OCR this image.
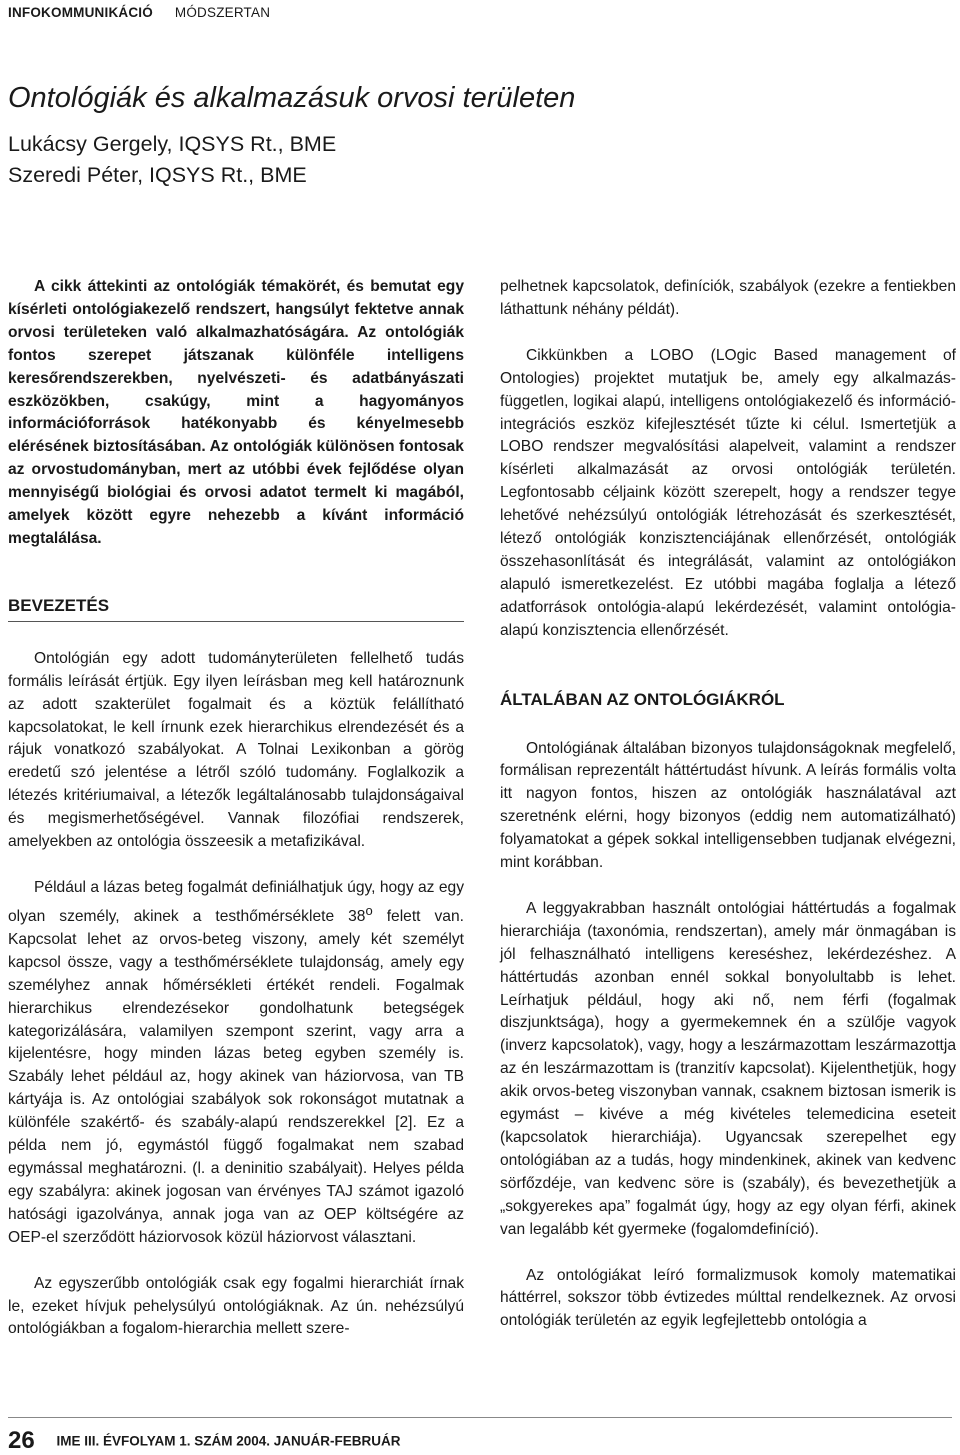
INFOKOMMUNIKÁCIÓ MÓDSZERTAN
Ontológiák és alkalmazásuk orvosi területen
Lukácsy Gergely, IQSYS Rt., BME
Szeredi Péter, IQSYS Rt., BME

A cikk áttekinti az ontológiák témakörét, és bemutat egy kísérleti ontológiakezelő rendszert, hangsúlyt fektetve annak orvosi területeken való alkalmazhatóságára. Az ontológiák fontos szerepet játszanak különféle intelligens keresőrendszerekben, nyelvészeti- és adatbányászati eszközökben, csakúgy, mint a hagyományos információforrások hatékonyabb és kényelmesebb elérésének biztosításában. Az ontológiák különösen fontosak az orvostudományban, mert az utóbbi évek fejlődése olyan mennyiségű biológiai és orvosi adatot termelt ki magából, amelyek között egyre nehezebb a kívánt információ megtalálása.

BEVEZETÉS

Ontológián egy adott tudományterületen fellelhető tudás formális leírását értjük. Egy ilyen leírásban meg kell határoznunk az adott szakterület fogalmait és a köztük felállítható kapcsolatokat, le kell írnunk ezek hierarchikus elrendezését és a rájuk vonatkozó szabályokat. A Tolnai Lexikonban a görög eredetű szó jelentése a létről szóló tudomány. Foglalkozik a létezés kritériumaival, a létezők legáltalánosabb tulajdonságaival és megismerhetőségével. Vannak filozófiai rendszerek, amelyekben az ontológia összeesik a metafizikával.

Például a lázas beteg fogalmát definiálhatjuk úgy, hogy az egy olyan személy, akinek a testhőmérséklete 38$^o$ felett van. Kapcsolat lehet az orvos-beteg viszony, amely két személyt kapcsol össze, vagy a testhőmérséklete tulajdonság, amely egy személyhez annak hőmérsékleti értékét rendeli. Fogalmak hierarchikus elrendezésekor gondolhatunk betegségek kategorizálására, valamilyen szempont szerint, vagy arra a kijelentésre, hogy minden lázas beteg egyben személy is. Szabály lehet például az, hogy akinek van háziorvosa, van TB kártyája is. Az ontológiai szabályok sok rokonságot mutatnak a különféle szakértő- és szabály-alapú rendszerekkel [2]. Ez a példa nem jó, egymástól függő fogalmakat nem szabad egymással meghatározni. (l. a deninitio szabályait). Helyes példa egy szabályra: akinek jogosan van érvényes TAJ számot igazoló hatósági igazolványa, annak joga van az OEP költségére az OEP-el szerződött háziorvosok közül háziorvost választani.

Az egyszerűbb ontológiák csak egy fogalmi hierarchiát írnak le, ezeket hívjuk pehelysúlyú ontológiáknak. Az ún. nehézsúlyú ontológiákban a fogalom-hierarchia mellett szere-

pelhetnek kapcsolatok, definíciók, szabályok (ezekre a fentiekben láthattunk néhány példát).

Cikkünkben a LOBO (LOgic Based management of Ontologies) projektet mutatjuk be, amely egy alkalmazás-független, logikai alapú, intelligens ontológiakezelő és információ-integrációs eszköz kifejlesztését tűzte ki célul. Ismertetjük a LOBO rendszer megvalósítási alapelveit, valamint a rendszer kísérleti alkalmazását az orvosi ontológiák területén. Legfontosabb céljaink között szerepelt, hogy a rendszer tegye lehetővé nehézsúlyú ontológiák létrehozását és szerkesztését, létező ontológiák konzisztenciájának ellenőrzését, ontológiák összehasonlítását és integrálását, valamint az ontológiákon alapuló ismeretkezelést. Ez utóbbi magába foglalja a létező adatforrások ontológia-alapú lekérdezését, valamint ontológia-alapú konzisztencia ellenőrzését.

ÁLTALÁBAN AZ ONTOLÓGIÁKRÓL

Ontológiának általában bizonyos tulajdonságoknak megfelelő, formálisan reprezentált háttértudást hívunk. A leírás formális volta itt nagyon fontos, hiszen az ontológiák használatával azt szeretnénk elérni, hogy bizonyos (eddig nem automatizálható) folyamatokat a gépek sokkal intelligensebben tudjanak elvégezni, mint korábban.

A leggyakrabban használt ontológiai háttértudás a fogalmak hierarchiája (taxonómia, rendszertan), amely már önmagában is jól felhasználható intelligens kereséshez, lekérdezéshez. A háttértudás azonban ennél sokkal bonyolultabb is lehet. Leírhatjuk például, hogy aki nő, nem férfi (fogalmak diszjunktsága), hogy a gyermekemnek én a szülője vagyok (inverz kapcsolatok), vagy, hogy a leszármazottam leszármazottja az én leszármazottam is (tranzitív kapcsolat). Kijelenthetjük, hogy akik orvos-beteg viszonyban vannak, csaknem biztosan ismerik is egymást – kivéve a még kivételes telemedicina eseteit (kapcsolatok hierarchiája). Ugyancsak szerepelhet egy ontológiában az a tudás, hogy mindenkinek, akinek van kedvenc sörfőzdéje, van kedvenc söre is (szabály), és bevezethetjük a „sokgyerekes apa” fogalmát úgy, hogy az egy olyan férfi, akinek van legalább két gyermeke (fogalomdefiníció).

Az ontológiákat leíró formalizmusok komoly matematikai háttérrel, sokszor több évtizedes múlttal rendelkeznek. Az orvosi ontológiák területén az egyik legfejlettebb ontológia a

26 IME III. ÉVFOLYAM 1. SZÁM 2004. JANUÁR-FEBRUÁR
